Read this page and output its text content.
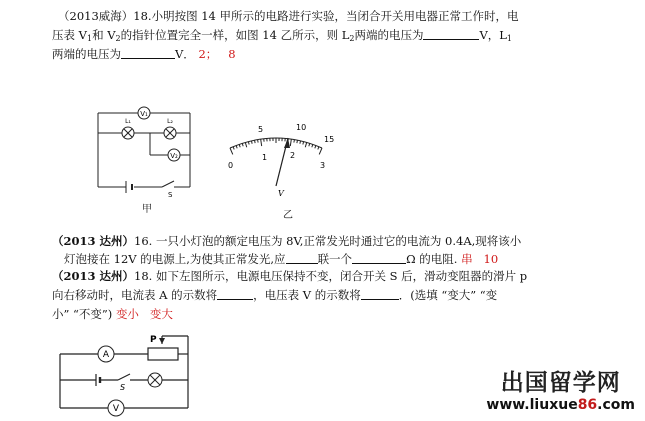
（2013威海）18.小明按图 14 甲所示的电路进行实验，当闭合开关用电器正常工作时，电
压表 $V_1$和 $V_2$的指针位置完全一样，如图 14 乙所示，则 $L_2$两端的电压为	V，$L_1$
两端的电压为	V． 2；   8
V₁
L₁	L₂
V₂
S
甲
5	10
15
0
1	2
3
V
乙
（2013 达州）16. 一只小灯泡的额定电压为 8V,正常发光时通过它的电流为 0.4A,现将该小
灯泡接在 12V 的电源上,为使其正常发光,应	联一个	Ω 的电阻. 串   10
（2013 达州）18. 如下左图所示，电源电压保持不变，闭合开关 S 后，滑动变阻器的滑片 p
向右移动时，电流表 A 的示数将	，电压表 V 的示数将	．(选填 “变大” “变
小” “不变”) 变小   变大
P
A
S
V
出国留学网
www.liuxue86.com
